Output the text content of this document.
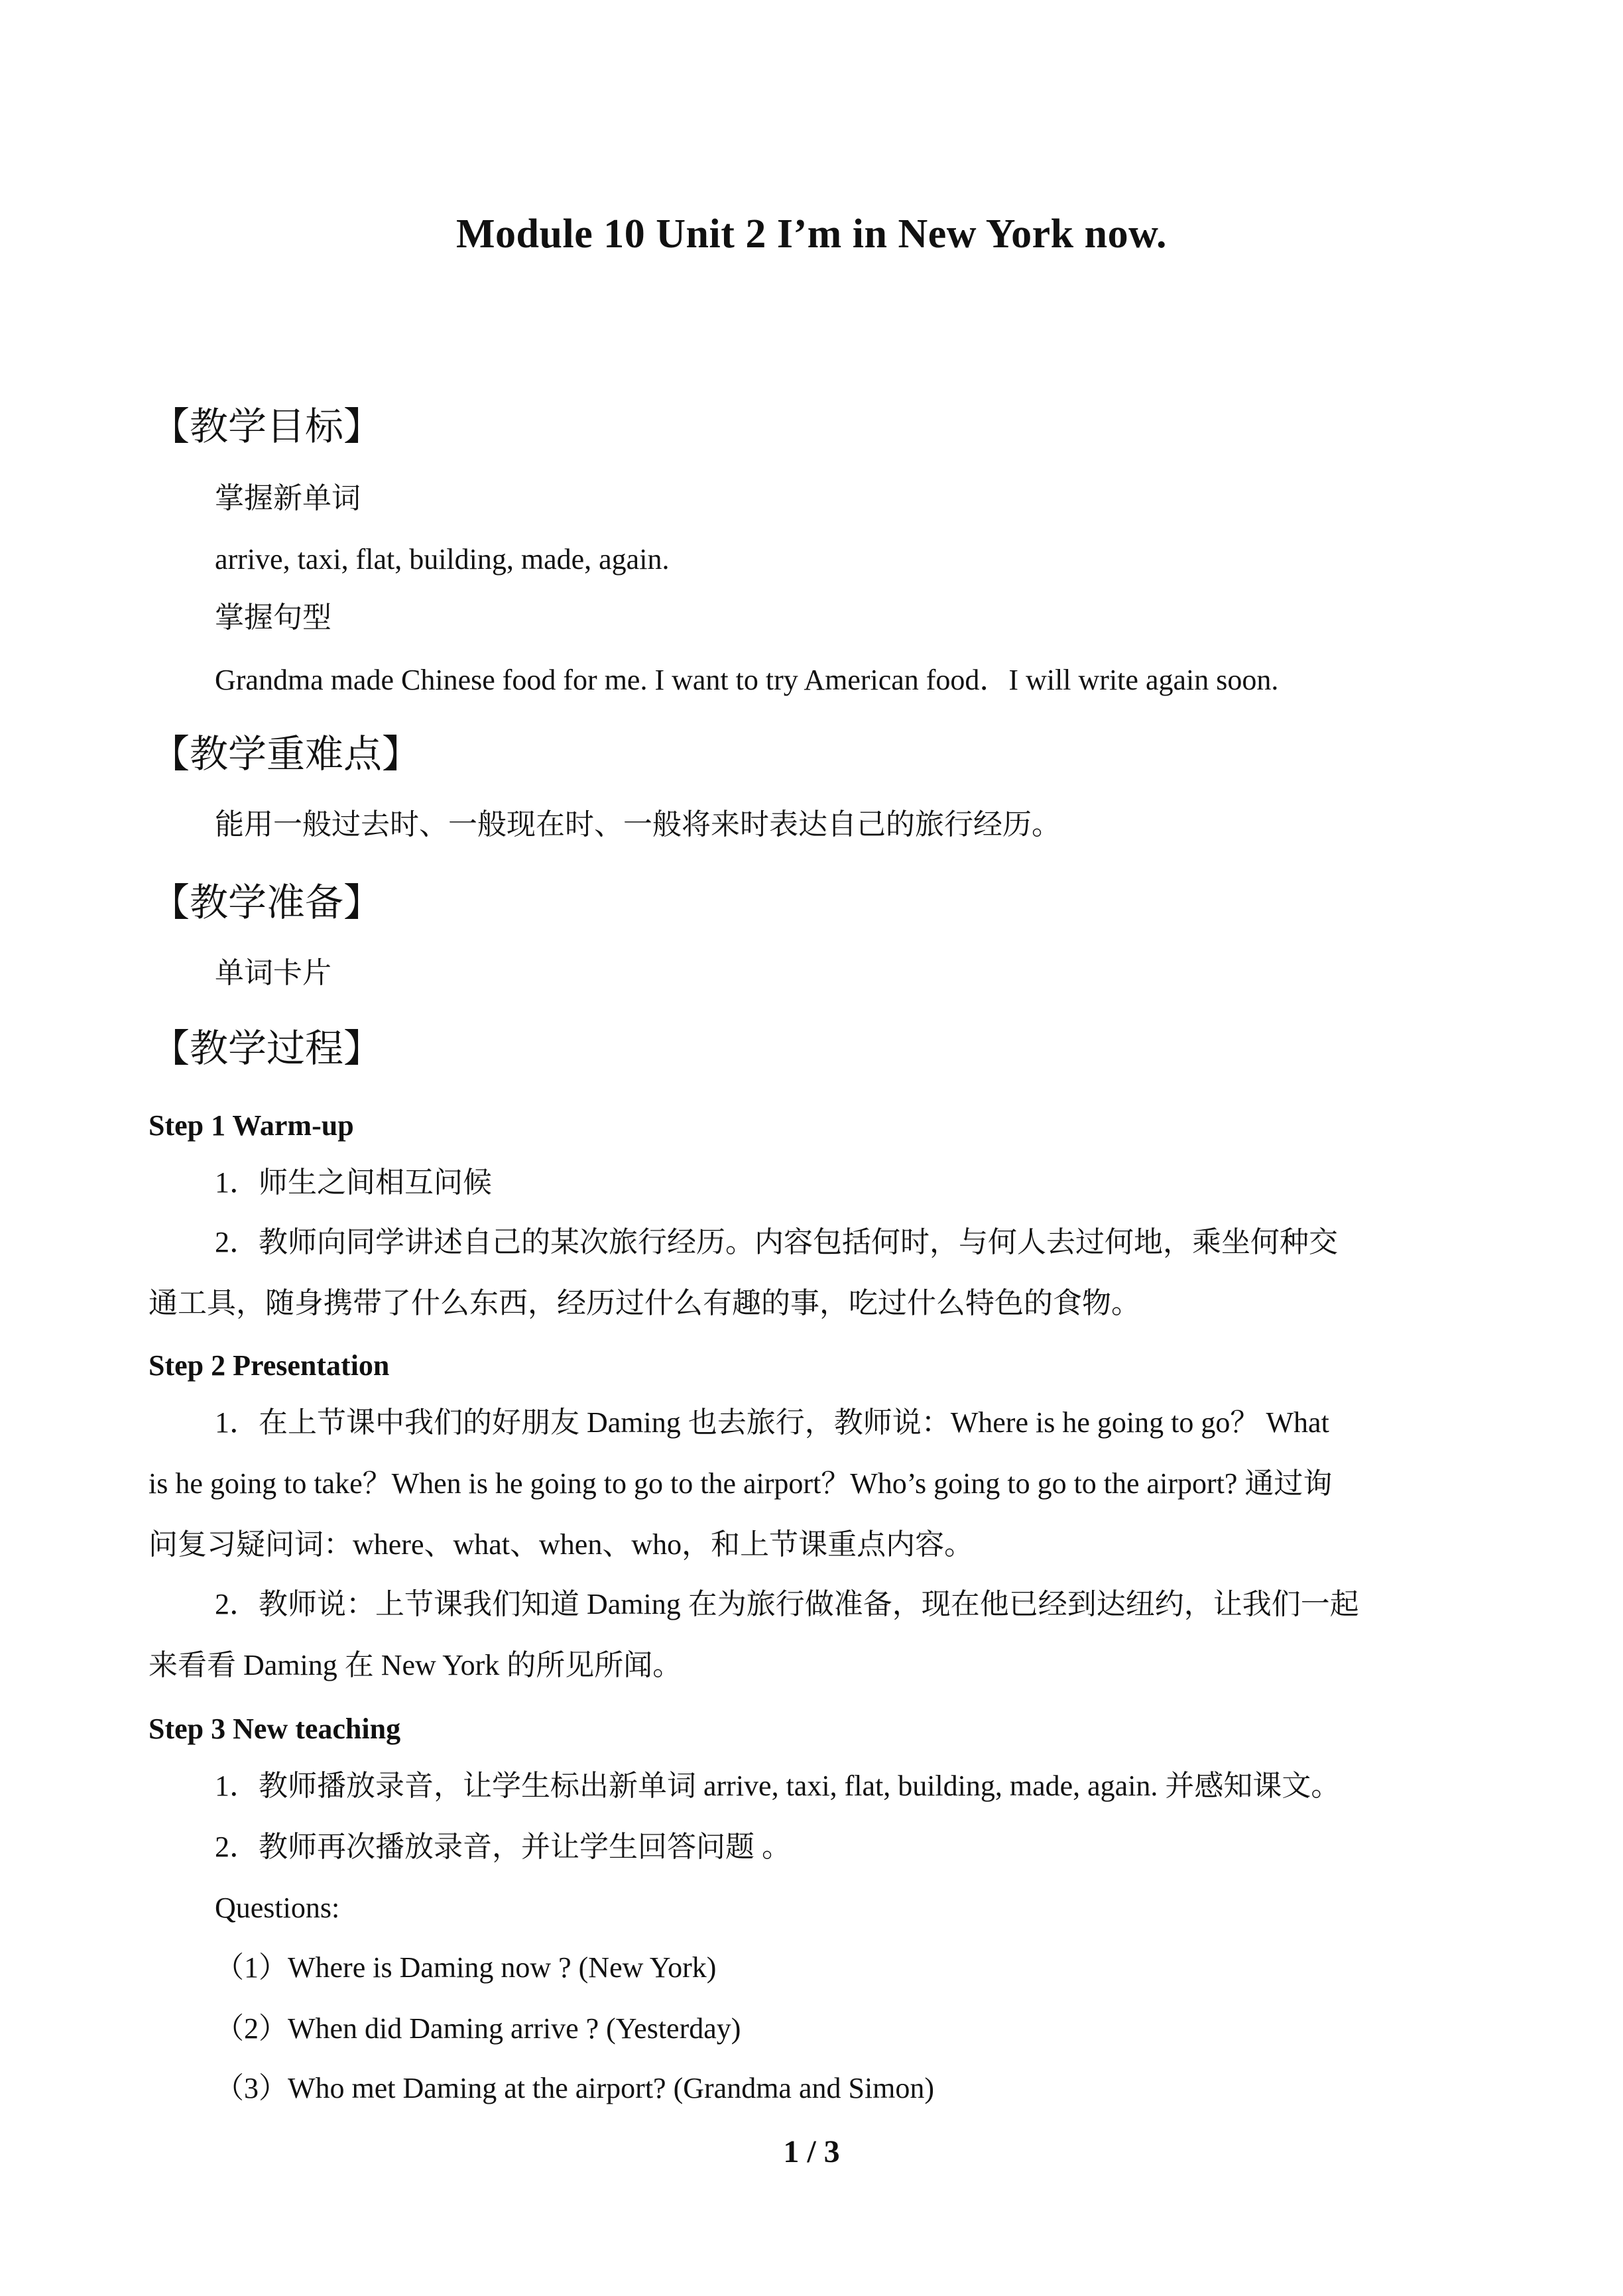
Module 10 Unit 2 I’m in New York now.
【教学目标】
掌握新单词
arrive, taxi, flat, building, made, again.
掌握句型
Grandma made Chinese food for me. I want to try American food．I will write again soon.
【教学重难点】
能用一般过去时、一般现在时、一般将来时表达自己的旅行经历。
【教学准备】
单词卡片
【教学过程】
Step 1 Warm-up
1．师生之间相互问候
2．教师向同学讲述自己的某次旅行经历。内容包括何时，与何人去过何地，乘坐何种交
通工具，随身携带了什么东西，经历过什么有趣的事，吃过什么特色的食物。
Step 2 Presentation
1．在上节课中我们的好朋友 Daming 也去旅行，教师说：Where is he going to go？ What
is he going to take？When is he going to go to the airport？Who’s going to go to the airport? 通过询
问复习疑问词：where、what、when、who，和上节课重点内容。
2．教师说：上节课我们知道 Daming 在为旅行做准备，现在他已经到达纽约，让我们一起
来看看 Daming 在 New York 的所见所闻。
Step 3 New teaching
1．教师播放录音，让学生标出新单词 arrive, taxi, flat, building, made, again. 并感知课文。
2．教师再次播放录音，并让学生回答问题 。
Questions:
（1）Where is Daming now ? (New York)
（2）When did Daming arrive ? (Yesterday)
（3）Who met Daming at the airport? (Grandma and Simon)
1 / 3
